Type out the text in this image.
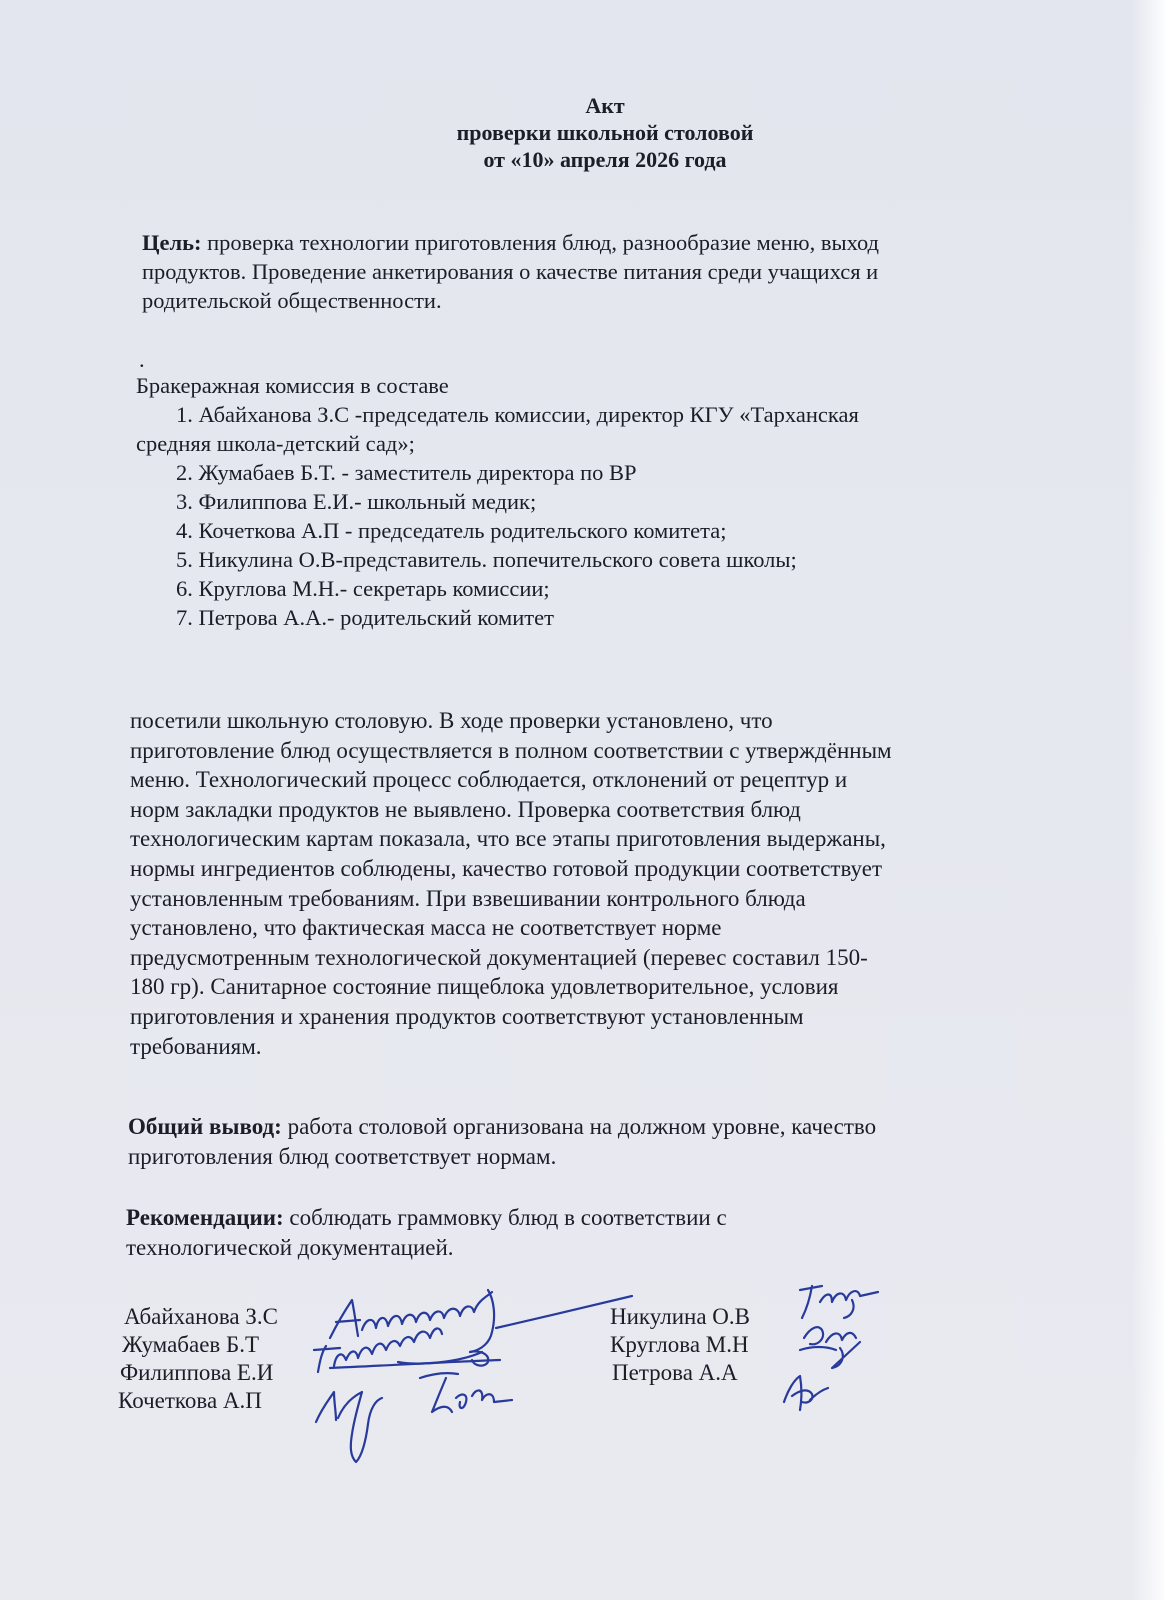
Акт
проверки школьной столовой
от «10» апреля 2026 года
Цель: проверка технологии приготовления блюд, разнообразие меню, выход
продуктов. Проведение анкетирования о качестве питания среди учащихся и
родительской общественности.
.
Бракеражная комиссия в составе
1. Абайханова З.С -председатель комиссии, директор КГУ «Тарханская
средняя школа-детский сад»;
2. Жумабаев Б.Т. - заместитель директора по ВР
3. Филиппова Е.И.- школьный медик;
4. Кочеткова А.П - председатель родительского комитета;
5. Никулина О.В-представитель. попечительского совета школы;
6. Круглова М.Н.- секретарь комиссии;
7. Петрова А.А.- родительский комитет
посетили школьную столовую. В ходе проверки установлено, что
приготовление блюд осуществляется в полном соответствии с утверждённым
меню. Технологический процесс соблюдается, отклонений от рецептур и
норм закладки продуктов не выявлено. Проверка соответствия блюд
технологическим картам показала, что все этапы приготовления выдержаны,
нормы ингредиентов соблюдены, качество готовой продукции соответствует
установленным требованиям. При взвешивании контрольного блюда
установлено, что фактическая масса не соответствует норме
предусмотренным технологической документацией (перевес составил 150-
180 гр). Санитарное состояние пищеблока удовлетворительное, условия
приготовления и хранения продуктов соответствуют установленным
требованиям.
Общий вывод: работа столовой организована на должном уровне, качество
приготовления блюд соответствует нормам.
Рекомендации: соблюдать граммовку блюд в соответствии с
технологической документацией.
Абайханова З.С
Жумабаев Б.Т
Филиппова Е.И
Кочеткова А.П
Никулина О.В
Круглова М.Н
Петрова А.А
